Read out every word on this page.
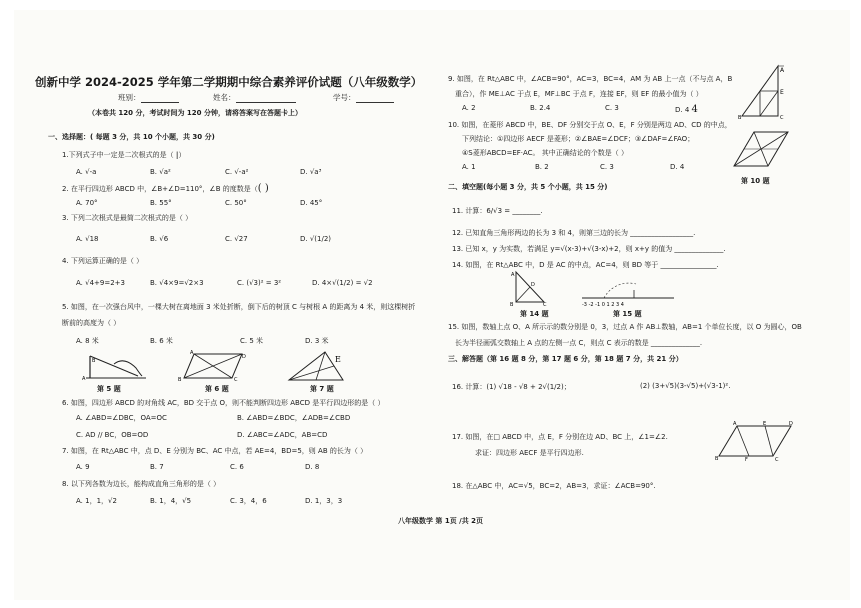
创新中学 2024-2025 学年第二学期期中综合素养评价试题（八年级数学）
班别：	姓名：	学号：
（本卷共 120 分，考试时间为 120 分钟，请将答案写在答题卡上）
一、选择题：( 每题 3 分，共 10 个小题，共 30 分)
1.下列式子中一定是二次根式的是（ |）
A. √-a	B. √a²	C. √-a²	D. √a³
2. 在平行四边形 ABCD 中，∠B+∠D=110°，∠B 的度数是（( )
A. 70°	B. 55°	C. 50°	D. 45°
3. 下列二次根式是最简二次根式的是（ ）
A. √18	B. √6	C. √27	D. √(1/2)
4. 下列运算正确的是（ ）
A. √4+9=2+3	B. √4×9=√2×3	C. (√3)² = 3²	D. 4×√(1/2) = √2
5. 如图，在一次强台风中，一棵大树在离地面 3 米处折断，倒下后的树顶 C 与树根 A 的距离为 4 米，则这棵树折
断前的高度为（ ）
A. 8 米	B. 6 米	C. 5 米	D. 3 米
A
B
B	C
A
D	E
第 5 题	第 6 题	第 7 题
6. 如图，四边形 ABCD 的对角线 AC，BD 交于点 O，则不能判断四边形 ABCD 是平行四边形的是（ ）
A. ∠ABD=∠DBC，OA=OC	B. ∠ABD=∠BDC，∠ADB=∠CBD
C. AD // BC，OB=OD	D. ∠ABC=∠ADC，AB=CD
7. 如图，在 Rt△ABC 中，点 D、E 分别为 BC、AC 中点，若 AE=4，BD=5，则 AB 的长为（ ）
A. 9	B. 7	C. 6	D. 8
8. 以下列各数为边长，能构成直角三角形的是（ ）
A. 1，1，√2	B. 1，4，√5	C. 3，4，6	D. 1，3，3
9. 如图，在 Rt△ABC 中，∠ACB=90°，AC=3，BC=4，AM 为 AB 上一点（不与点 A，B
重合），作 ME⊥AC 于点 E，MF⊥BC 于点 F，连接 EF，则 EF 的最小值为（ ）
A. 2	B. 2.4	C. 3	D. 4 4
A
E
B	C
10. 如图，在菱形 ABCD 中，BE、DF 分别交于点 O、E，F 分别是两边 AD、CD 的中点，
下列结论：①四边形 AECF 是菱形；②∠BAE=∠DCF；③∠DAF=∠FAO；
④S菱形ABCD=EF·AC。 其中正确结论的个数是（ ）
A. 1	B. 2	C. 3	D. 4
第 10 题
二、填空题(每小题 3 分，共 5 个小题，共 15 分)
11. 计算：6/√3 = ________.
12. 已知直角三角形两边的长为 3 和 4，则第三边的长为 __________________.
13. 已知 x，y 为实数，若满足 y=√(x-3)+√(3-x)+2，则 x+y 的值为 ______________.
14. 如图，在 Rt△ABC 中，D 是 AC 的中点，AC=4，则 BD 等于 ________________.
A
D
B	C	-3 -2 -1 0 1 2 3 4
第 14 题	第 15 题
15. 如图，数轴上点 O、A 所示示的数分别是 0，3，过点 A 作 AB⊥数轴，AB=1 个单位长度，以 O 为圆心，OB
长为半径画弧交数轴上 A 点的左侧一点 C，则点 C 表示的数是 ______________.
三、解答题（第 16 题 8 分，第 17 题 6 分，第 18 题 7 分，共 21 分）
16. 计算：(1) √18 - √8 + 2√(1/2)；	(2) (3+√5)(3-√5)+(√3-1)².
17. 如图，在□ ABCD 中，点 E，F 分别在边 AD、BC 上，∠1=∠2.
求证：四边形 AECF 是平行四边形.
B	F
A	E	D
C
18. 在△ABC 中，AC=√5，BC=2，AB=3，求证：∠ACB=90°.
八年级数学 第 1页 /共 2页
